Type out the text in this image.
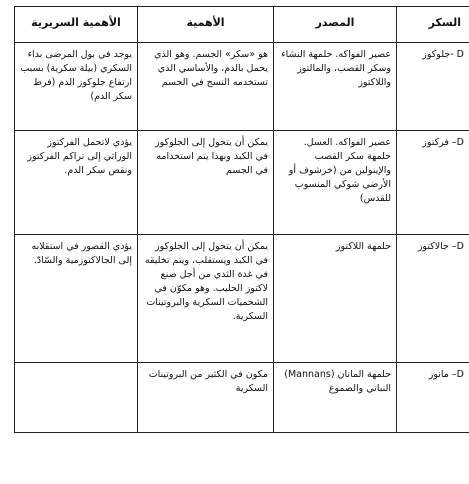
السكر	المصدر	الأهمية	الأهمية السريرية
D -جلوكوز	عصير الفواكه. حلمهة النشاء وسكر القصب، والمالتوز واللاكتوز	هو «سكر» الجسم. وهو الذي يحمل بالدم، والأساسي الذي تستخدمه النسج في الجسم	يوجد في بول المرضى بداء السكري (بيلة سكرية) بسبب ارتفاع جلوكوز الدم (فرط سكر الدم)
D– فركتوز	عصير الفواكه. العسل. حلمهة سكر القصب والإينولين من (خرشوف أو الأرضي شوكي المنسوب للقدس)	يمكن أن يتحول إلى الجلوكوز في الكبد وبهذا يتم استخدامه في الجسم	يؤدي لاتحمل الفركتوز الوراثي إلى تراكم الفركتوز ونقص سكر الدم.
D– جالاكتوز	حلمهة اللاكتوز	يمكن أن يتحول إلى الجلوكوز في الكبد ويستقلب. ويتم تخليقه في غدة الثدي من أجل صنع لاكتوز الحليب. وهو مكوّن في الشحميات السكرية والبروتينات السكرية.	يؤدي القصور في استقلابه إلى الجالاكتوزمية والسّادّ.
D– مانوز	حلمهة المانان (Mannans) النباتي والصموغ	مكون في الكثير من البروتينات السكرية	
